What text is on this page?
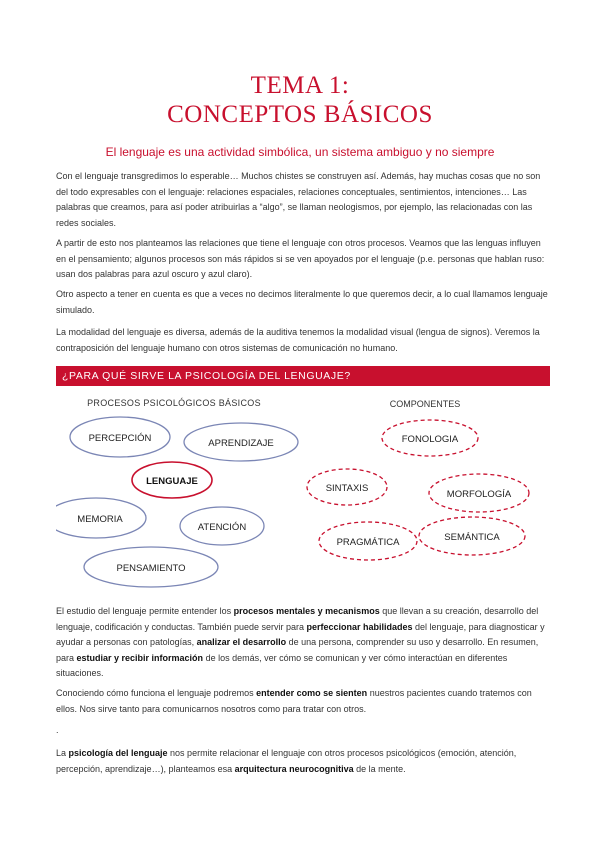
TEMA 1:
CONCEPTOS BÁSICOS
El lenguaje es una actividad simbólica, un sistema ambiguo y no siempre
Con el lenguaje transgredimos lo esperable… Muchos chistes se construyen así. Además, hay muchas cosas que no son del todo expresables con el lenguaje: relaciones espaciales, relaciones conceptuales, sentimientos, intenciones… Las palabras que creamos, para así poder atribuirlas a “algo”, se llaman neologismos, por ejemplo, las relacionadas con las redes sociales.
A partir de esto nos planteamos las relaciones que tiene el lenguaje con otros procesos. Veamos que las lenguas influyen en el pensamiento; algunos procesos son más rápidos si se ven apoyados por el lenguaje (p.e. personas que hablan ruso: usan dos palabras para azul oscuro y azul claro).
Otro aspecto a tener en cuenta es que a veces no decimos literalmente lo que queremos decir, a lo cual llamamos lenguaje simulado.
La modalidad del lenguaje es diversa, además de la auditiva tenemos la modalidad visual (lengua de signos). Veremos la contraposición del lenguaje humano con otros sistemas de comunicación no humano.
¿PARA QUÉ SIRVE LA PSICOLOGÍA DEL LENGUAJE?
PROCESOS PSICOLÓGICOS BÁSICOS	COMPONENTES
PERCEPCIÓN	APRENDIZAJE
LENGUAJE
MEMORIA
ATENCIÓN
PENSAMIENTO
FONOLOGIA
SINTAXIS
MORFOLOGÍA
SEMÁNTICA
PRAGMÁTICA
El estudio del lenguaje permite entender los procesos mentales y mecanismos que llevan a su creación, desarrollo del lenguaje, codificación y conductas. También puede servir para perfeccionar habilidades del lenguaje, para diagnosticar y ayudar a personas con patologías, analizar el desarrollo de una persona, comprender su uso y desarrollo. En resumen, para estudiar y recibir información de los demás, ver cómo se comunican y ver cómo interactúan en diferentes situaciones.
Conociendo cómo funciona el lenguaje podremos entender como se sienten nuestros pacientes cuando tratemos con ellos. Nos sirve tanto para comunicarnos nosotros como para tratar con otros.
.
La psicología del lenguaje nos permite relacionar el lenguaje con otros procesos psicológicos (emoción, atención, percepción, aprendizaje…), planteamos esa arquitectura neurocognitiva de la mente.
